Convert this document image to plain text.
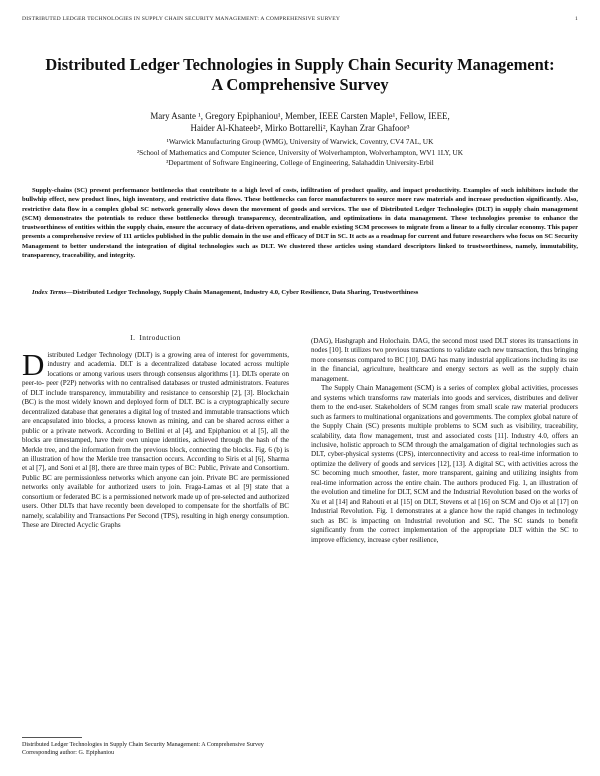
DISTRIBUTED LEDGER TECHNOLOGIES IN SUPPLY CHAIN SECURITY MANAGEMENT: A COMPREHENSIVE SURVEY	1
Distributed Ledger Technologies in Supply Chain Security Management: A Comprehensive Survey
Mary Asante ¹, Gregory Epiphaniou¹, Member, IEEE Carsten Maple¹, Fellow, IEEE,
Haider Al-Khateeb², Mirko Bottarelli², Kayhan Zrar Ghafoor³
¹Warwick Manufacturing Group (WMG), University of Warwick, Coventry, CV4 7AL, UK
²School of Mathematics and Computer Science, University of Wolverhampton, Wolverhampton, WV1 1LY, UK
³Department of Software Engineering, College of Engineering, Salahaddin University-Erbil

Supply-chains (SC) present performance bottlenecks that contribute to a high level of costs, infiltration of product quality, and impact productivity. Examples of such inhibitors include the bullwhip effect, new product lines, high inventory, and restrictive data flows. These bottlenecks can force manufacturers to source more raw materials and increase production significantly. Also, restrictive data flow in a complex global SC network generally slows down the movement of goods and services. The use of Distributed Ledger Technologies (DLT) in supply chain management (SCM) demonstrates the potentials to reduce these bottlenecks through transparency, decentralization, and optimizations in data management. These technologies promise to enhance the trustworthiness of entities within the supply chain, ensure the accuracy of data-driven operations, and enable existing SCM processes to migrate from a linear to a fully circular economy. This paper presents a comprehensive review of 111 articles published in the public domain in the use and efficacy of DLT in SC. It acts as a roadmap for current and future researchers who focus on SC Security Management to better understand the integration of digital technologies such as DLT. We clustered these articles using standard descriptors linked to trustworthiness, namely, immutability, transparency, traceability, and integrity.

Index Terms—Distributed Ledger Technology, Supply Chain Management, Industry 4.0, Cyber Resilience, Data Sharing, Trustworthiness

I. Introduction

Distributed Ledger Technology (DLT) is a growing area of interest for governments, industry and academia. DLT is a decentralized database located across multiple locations or among various users through consensus algorithms [1]. DLTs operate on peer-to- peer (P2P) networks with no centralised databases or trusted administrators. Features of DLT include transparency, immutability and resistance to censorship [2], [3]. Blockchain (BC) is the most widely known and deployed form of DLT. BC is a cryptographically secure decentralized database that generates a digital log of trusted and immutable transactions which are encapsulated into blocks, a process known as mining, and can be shared across either a public or a private network. According to Bellini et al [4], and Epiphaniou et al [5], all the blocks are timestamped, have their own unique identities, achieved through the hash of the Merkle tree, and the information from the previous block, connecting the blocks. Fig. 6 (b) is an illustration of how the Merkle tree transaction occurs. According to Siris et al [6], Sharma et al [7], and Soni et al [8], there are three main types of BC: Public, Private and Consortium. Public BC are permissionless networks which anyone can join. Private BC are permissioned networks only available for authorized users to join. Fraga-Lamas et al [9] state that a consortium or federated BC is a permissioned network made up of pre-selected and authorized users. Other DLTs that have recently been developed to compensate for the shortfalls of BC namely, scalability and Transactions Per Second (TPS), resulting in high energy consumption. These are Directed Acyclic Graphs

(DAG), Hashgraph and Holochain. DAG, the second most used DLT stores its transactions in nodes [10]. It utilizes two previous transactions to validate each new transaction, thus bringing more consensus compared to BC [10]. DAG has many industrial applications including its use in the financial, agriculture, healthcare and energy sectors as well as the supply chain management.

The Supply Chain Management (SCM) is a series of complex global activities, processes and systems which transforms raw materials into goods and services, distributes and deliver them to the end-user. Stakeholders of SCM ranges from small scale raw material producers such as farmers to multinational organizations and governments. The complex global nature of the Supply Chain (SC) presents multiple problems to SCM such as visibility, traceability, scalability, data flow management, trust and associated costs [11]. Industry 4.0, offers an inclusive, holistic approach to SCM through the amalgamation of digital technologies such as DLT, cyber-physical systems (CPS), interconnectivity and access to real-time information to optimize the delivery of goods and services [12], [13]. A digital SC, with activities across the SC becoming much smoother, faster, more transparent, gaining and utilizing insights from real-time information across the entire chain. The authors produced Fig. 1, an illustration of the evolution and timeline for DLT, SCM and the Industrial Revolution based on the works of Xu et al [14] and Rahouti et al [15] on DLT, Stevens et al [16] on SCM and Ojo et al [17] on Industrial Revolution. Fig. 1 demonstrates at a glance how the rapid changes in technology such as BC is impacting on Industrial revolution and SC. The SC stands to benefit significantly from the correct implementation of the appropriate DLT within the SC to improve efficiency, increase cyber resilience,

Distributed Ledger Technologies in Supply Chain Security Management: A Comprehensive Survey Corresponding author: G. Epiphaniou
